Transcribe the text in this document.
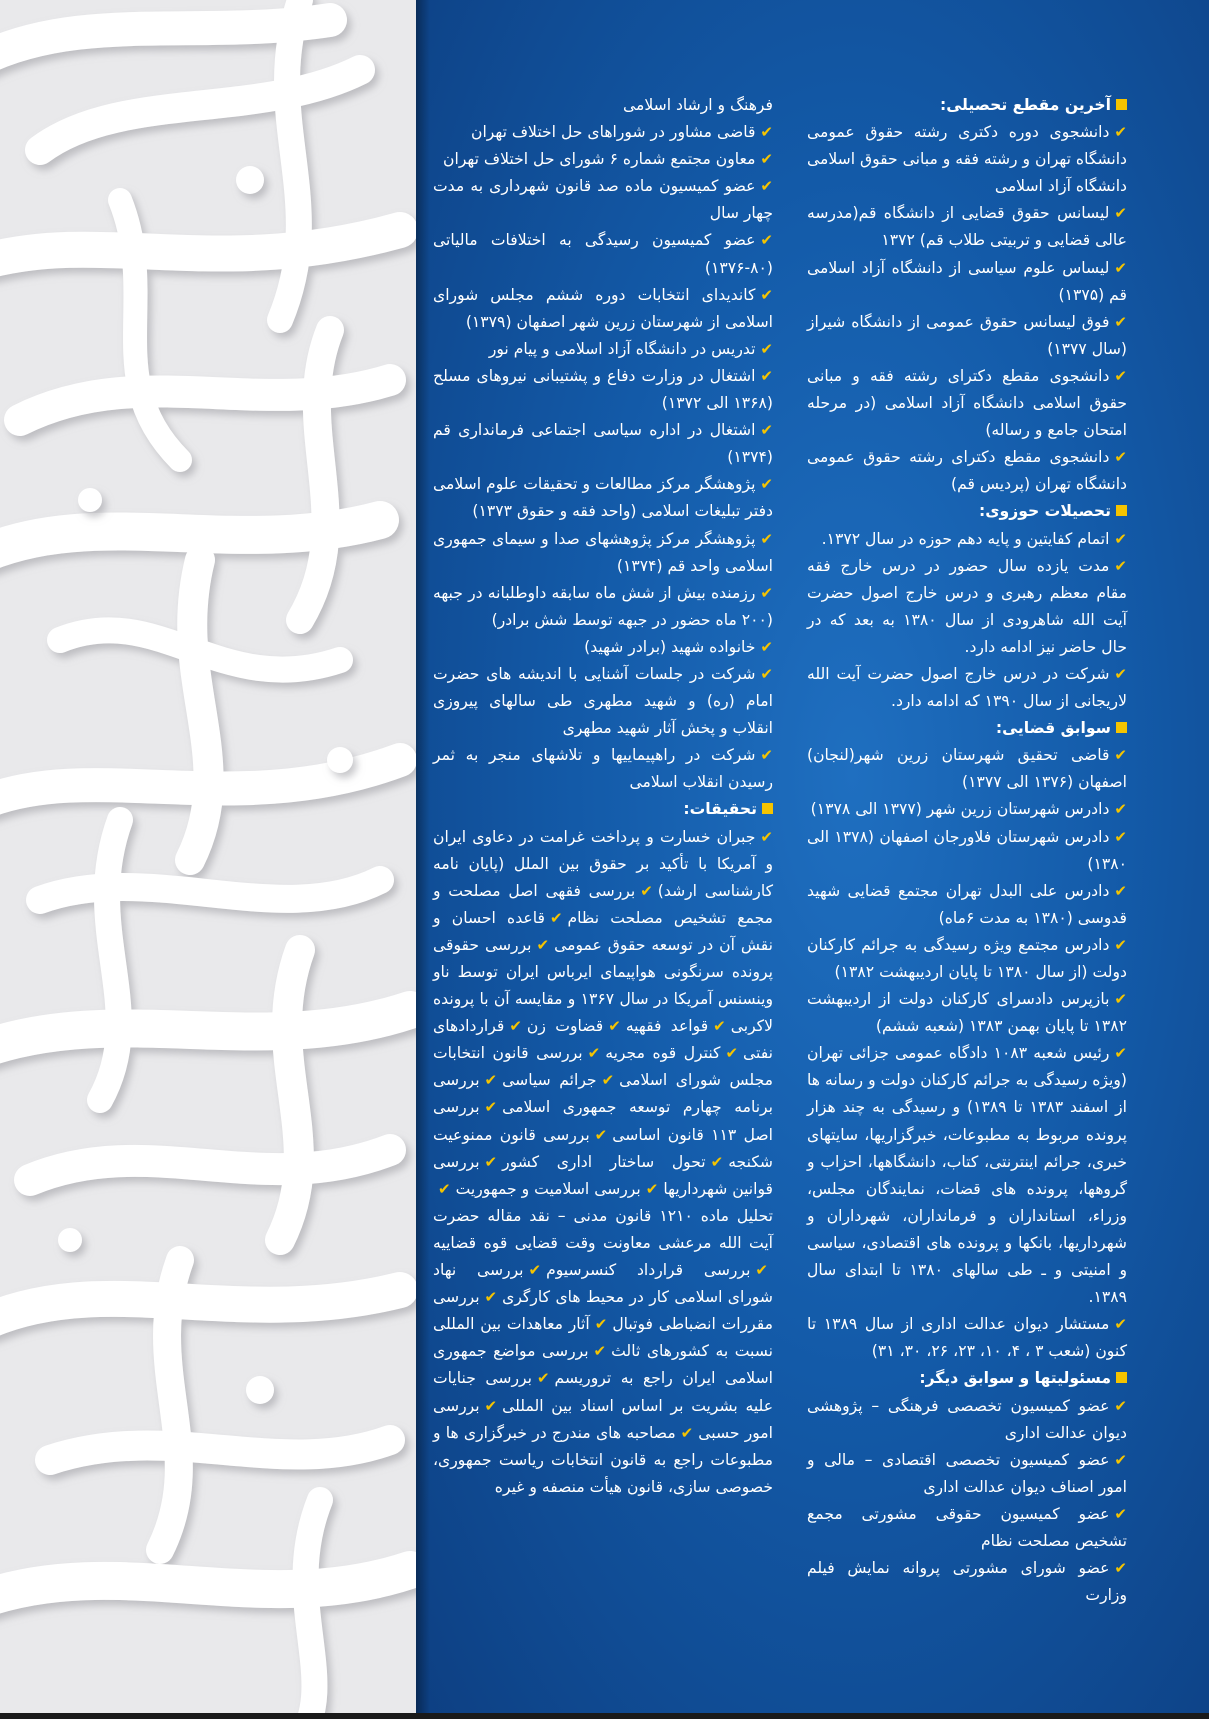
آخرین مقطع تحصیلی:
✔دانشجوی دوره دکتری رشته حقوق عمومی دانشگاه تهران و رشته فقه و مبانی حقوق اسلامی دانشگاه آزاد اسلامی
✔لیسانس حقوق قضایی از دانشگاه قم(مدرسه عالی قضایی و تربیتی طلاب قم) ۱۳۷۲
✔لیساس علوم سیاسی از دانشگاه آزاد اسلامی قم (۱۳۷۵)
✔فوق لیسانس حقوق عمومی از دانشگاه شیراز (سال ۱۳۷۷)
✔دانشجوی مقطع دکترای رشته فقه و مبانی حقوق اسلامی دانشگاه آزاد اسلامی (در مرحله امتحان جامع و رساله)
✔دانشجوی مقطع دکترای رشته حقوق عمومی دانشگاه تهران (پردیس قم)
تحصیلات حوزوی:
✔اتمام کفایتین و پایه دهم حوزه در سال ۱۳۷۲.
✔مدت یازده سال حضور در درس خارج فقه مقام معظم رهبری و درس خارج اصول حضرت آیت الله شاهرودی از سال ۱۳۸۰ به بعد که در حال حاضر نیز ادامه دارد.
✔شرکت در درس خارج اصول حضرت آیت الله لاریجانی از سال ۱۳۹۰ که ادامه دارد.
سوابق قضایی:
✔قاضی تحقیق شهرستان زرین شهر(لنجان) اصفهان (۱۳۷۶ الی ۱۳۷۷)
✔دادرس شهرستان زرین شهر (۱۳۷۷ الی ۱۳۷۸)
✔دادرس شهرستان فلاورجان اصفهان (۱۳۷۸ الی ۱۳۸۰)
✔دادرس علی البدل تهران مجتمع قضایی شهید قدوسی (۱۳۸۰ به مدت ۶ماه)
✔دادرس مجتمع ویژه رسیدگی به جرائم کارکنان دولت (از سال ۱۳۸۰ تا پایان اردیبهشت ۱۳۸۲)
✔بازپرس دادسرای کارکنان دولت از اردیبهشت ۱۳۸۲ تا پایان بهمن ۱۳۸۳ (شعبه ششم)
✔رئیس شعبه ۱۰۸۳ دادگاه عمومی جزائی تهران (ویژه رسیدگی به جرائم کارکنان دولت و رسانه ها از اسفند ۱۳۸۳ تا ۱۳۸۹) و رسیدگی به چند هزار پرونده مربوط به مطبوعات، خبرگزاریها، سایتهای خبری، جرائم اینترنتی، کتاب، دانشگاهها، احزاب و گروهها، پرونده های قضات، نمایندگان مجلس، وزراء، استانداران و فرمانداران، شهرداران و شهرداریها، بانکها و پرونده های اقتصادی، سیاسی و امنیتی و ـ طی سالهای ۱۳۸۰ تا ابتدای سال ۱۳۸۹.
✔مستشار دیوان عدالت اداری از سال ۱۳۸۹ تا کنون (شعب ۳ ، ۴، ۱۰، ۲۳، ۲۶، ۳۰، ۳۱)
مسئولیتها و سوابق دیگر:
✔عضو کمیسیون تخصصی فرهنگی – پژوهشی دیوان عدالت اداری
✔عضو کمیسیون تخصصی اقتصادی – مالی و امور اصناف دیوان عدالت اداری
✔عضو کمیسیون حقوقی مشورتی مجمع تشخیص مصلحت نظام
✔عضو شورای مشورتی پروانه نمایش فیلم وزارت
فرهنگ و ارشاد اسلامی
✔قاضی مشاور در شوراهای حل اختلاف تهران
✔معاون مجتمع شماره ۶ شورای حل اختلاف تهران
✔عضو کمیسیون ماده صد قانون شهرداری به مدت چهار سال
✔عضو کمیسیون رسیدگی به اختلافات مالیاتی (۸۰-۱۳۷۶)
✔کاندیدای انتخابات دوره ششم مجلس شورای اسلامی از شهرستان زرین شهر اصفهان (۱۳۷۹)
✔تدریس در دانشگاه آزاد اسلامی و پیام نور
✔اشتغال در وزارت دفاع و پشتیبانی نیروهای مسلح (۱۳۶۸ الی ۱۳۷۲)
✔اشتغال در اداره سیاسی اجتماعی فرمانداری قم (۱۳۷۴)
✔پژوهشگر مرکز مطالعات و تحقیقات علوم اسلامی دفتر تبلیغات اسلامی (واحد فقه و حقوق ۱۳۷۳)
✔پژوهشگر مرکز پژوهشهای صدا و سیمای جمهوری اسلامی واحد قم (۱۳۷۴)
✔رزمنده بیش از شش ماه سابقه داوطلبانه در جبهه (۲۰۰ ماه حضور در جبهه توسط شش برادر)
✔خانواده شهید (برادر شهید)
✔شرکت در جلسات آشنایی با اندیشه های حضرت امام (ره) و شهید مطهری طی سالهای پیروزی انقلاب و پخش آثار شهید مطهری
✔شرکت در راهپیماییها و تلاشهای منجر به ثمر رسیدن انقلاب اسلامی
تحقیقات:
✔جبران خسارت و پرداخت غرامت در دعاوی ایران و آمریکا با تأکید بر حقوق بین الملل (پایان نامه کارشناسی ارشد)✔بررسی فقهی اصل مصلحت و مجمع تشخیص مصلحت نظام✔قاعده احسان و نقش آن در توسعه حقوق عمومی✔بررسی حقوقی پرونده سرنگونی هواپیمای ایرباس ایران توسط ناو وینسنس آمریکا در سال ۱۳۶۷ و مقایسه آن با پرونده لاکربی✔قواعد فقهیه✔قضاوت زن✔قراردادهای نفتی✔کنترل قوه مجریه✔بررسی قانون انتخابات مجلس شورای اسلامی✔جرائم سیاسی✔بررسی برنامه چهارم توسعه جمهوری اسلامی✔بررسی اصل ۱۱۳ قانون اساسی✔بررسی قانون ممنوعیت شکنجه✔تحول ساختار اداری کشور✔بررسی قوانین شهرداریها✔بررسی اسلامیت و جمهوریت✔تحلیل ماده ۱۲۱۰ قانون مدنی – نقد مقاله حضرت آیت الله مرعشی معاونت وقت قضایی قوه قضاییه✔بررسی قرارداد کنسرسیوم✔بررسی نهاد شورای اسلامی کار در محیط های کارگری✔بررسی مقررات انضباطی فوتبال✔آثار معاهدات بین المللی نسبت به کشورهای ثالث✔بررسی مواضع جمهوری اسلامی ایران راجع به تروریسم✔بررسی جنایات علیه بشریت بر اساس اسناد بین المللی✔بررسی امور حسبی✔مصاحبه های مندرج در خبرگزاری ها و مطبوعات راجع به قانون انتخابات ریاست جمهوری، خصوصی سازی، قانون هیأت منصفه و غیره
